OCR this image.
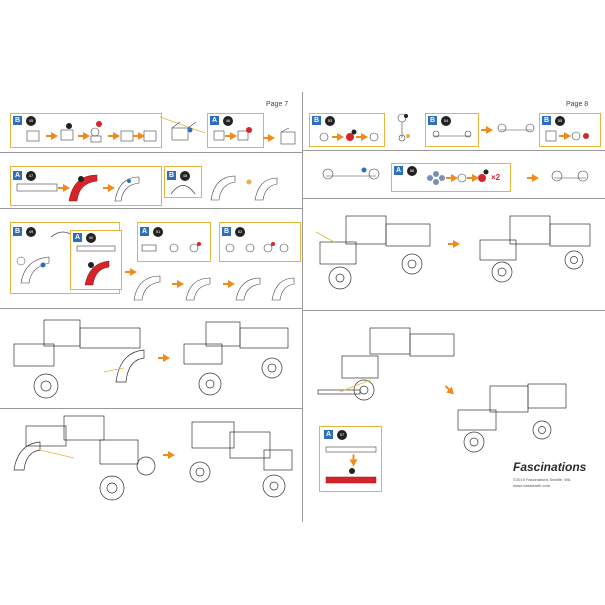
Page 7	Page 8
B	45	A	46
A	47	B	48
B	49
A	50
A	51	B	52
B	53	B	54	B	55
A	56
×2
A	57
Fascinations
©2019 Fascinations Seattle, WA
www.metalearth.com
